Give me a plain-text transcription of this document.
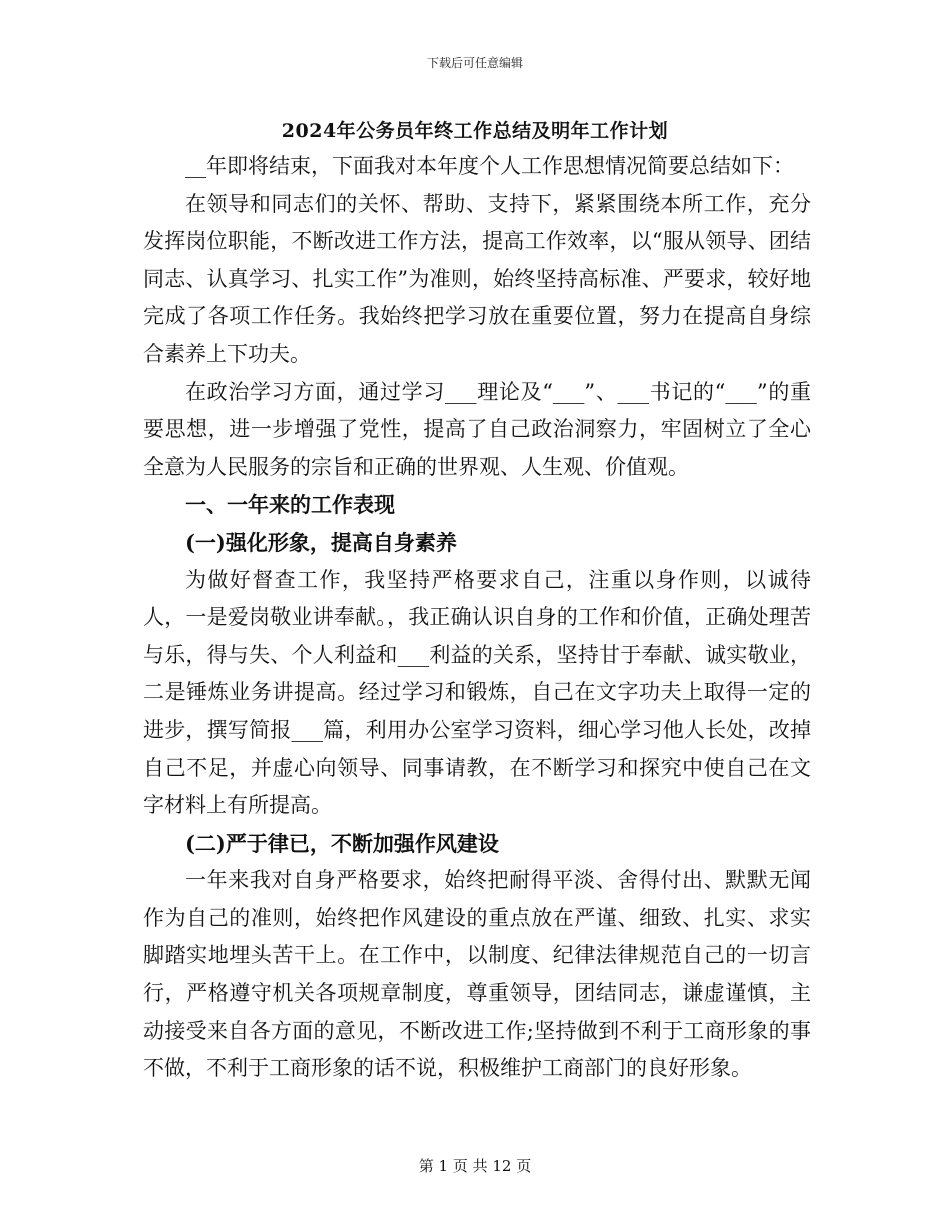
下载后可任意编辑
2024年公务员年终工作总结及明年工作计划

__年即将结束，下面我对本年度个人工作思想情况简要总结如下：

在领导和同志们的关怀、帮助、支持下，紧紧围绕本所工作，充分发挥岗位职能，不断改进工作方法，提高工作效率，以“服从领导、团结同志、认真学习、扎实工作”为准则，始终坚持高标准、严要求，较好地完成了各项工作任务。我始终把学习放在重要位置，努力在提高自身综合素养上下功夫。

在政治学习方面，通过学习___理论及“___”、___书记的“___”的重要思想，进一步增强了党性，提高了自己政治洞察力，牢固树立了全心全意为人民服务的宗旨和正确的世界观、人生观、价值观。

一、一年来的工作表现

(一)强化形象，提高自身素养

为做好督查工作，我坚持严格要求自己，注重以身作则，以诚待人，一是爱岗敬业讲奉献。，我正确认识自身的工作和价值，正确处理苦与乐，得与失、个人利益和___利益的关系，坚持甘于奉献、诚实敬业，二是锤炼业务讲提高。经过学习和锻炼，自己在文字功夫上取得一定的进步，撰写简报___篇，利用办公室学习资料，细心学习他人长处，改掉自己不足，并虚心向领导、同事请教，在不断学习和探究中使自己在文字材料上有所提高。

(二)严于律已，不断加强作风建设

一年来我对自身严格要求，始终把耐得平淡、舍得付出、默默无闻作为自己的准则，始终把作风建设的重点放在严谨、细致、扎实、求实脚踏实地埋头苦干上。在工作中，以制度、纪律法律规范自己的一切言行，严格遵守机关各项规章制度，尊重领导，团结同志，谦虚谨慎，主动接受来自各方面的意见，不断改进工作;坚持做到不利于工商形象的事不做，不利于工商形象的话不说，积极维护工商部门的良好形象。

第 1 页 共 12 页
